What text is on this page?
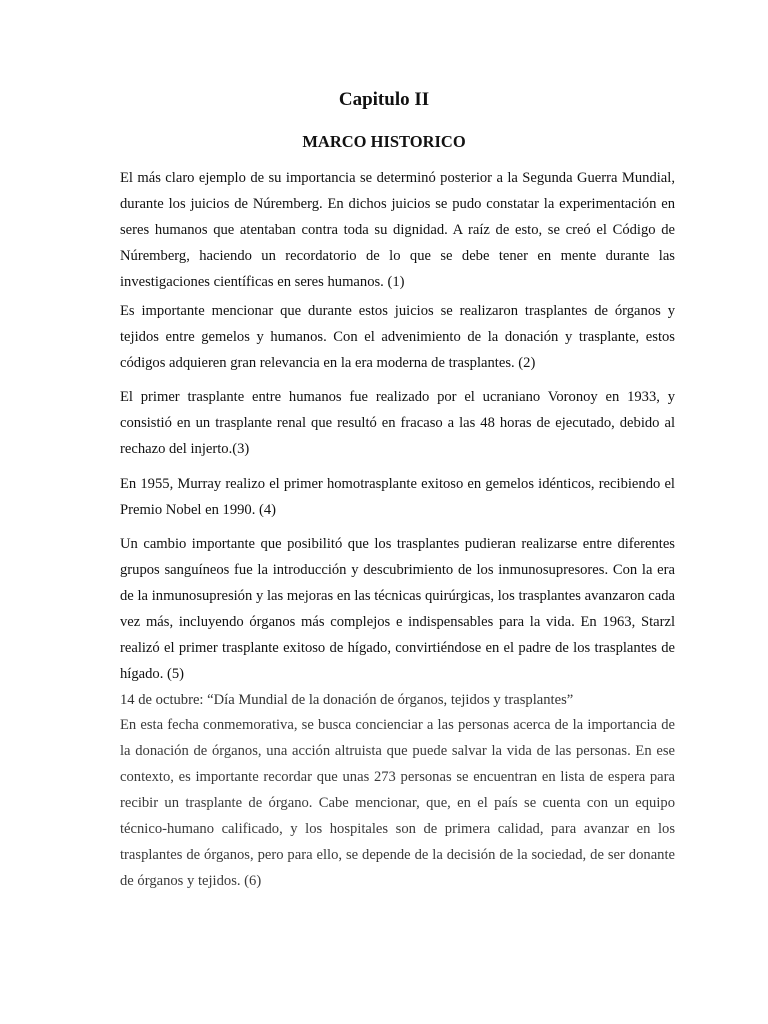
Capitulo II
MARCO HISTORICO

El más claro ejemplo de su importancia se determinó posterior a la Segunda Guerra Mundial, durante los juicios de Núremberg. En dichos juicios se pudo constatar la experimentación en seres humanos que atentaban contra toda su dignidad. A raíz de esto, se creó el Código de Núremberg, haciendo un recordatorio de lo que se debe tener en mente durante las investigaciones científicas en seres humanos. (1)

Es importante mencionar que durante estos juicios se realizaron trasplantes de órganos y tejidos entre gemelos y humanos. Con el advenimiento de la donación y trasplante, estos códigos adquieren gran relevancia en la era moderna de trasplantes. (2)

El primer trasplante entre humanos fue realizado por el ucraniano Voronoy en 1933, y consistió en un trasplante renal que resultó en fracaso a las 48 horas de ejecutado, debido al rechazo del injerto.(3)

En 1955, Murray realizo el primer homotrasplante exitoso en gemelos idénticos, recibiendo el Premio Nobel en 1990. (4)

Un cambio importante que posibilitó que los trasplantes pudieran realizarse entre diferentes grupos sanguíneos fue la introducción y descubrimiento de los inmunosupresores. Con la era de la inmunosupresión y las mejoras en las técnicas quirúrgicas, los trasplantes avanzaron cada vez más, incluyendo órganos más complejos e indispensables para la vida. En 1963, Starzl realizó el primer trasplante exitoso de hígado, convirtiéndose en el padre de los trasplantes de hígado. (5)

14 de octubre: “Día Mundial de la donación de órganos, tejidos y trasplantes”

En esta fecha conmemorativa, se busca concienciar a las personas acerca de la importancia de la donación de órganos, una acción altruista que puede salvar la vida de las personas. En ese contexto, es importante recordar que unas 273 personas se encuentran en lista de espera para recibir un trasplante de órgano. Cabe mencionar, que, en el país se cuenta con un equipo técnico-humano calificado, y los hospitales son de primera calidad, para avanzar en los trasplantes de órganos, pero para ello, se depende de la decisión de la sociedad, de ser donante de órganos y tejidos. (6)
